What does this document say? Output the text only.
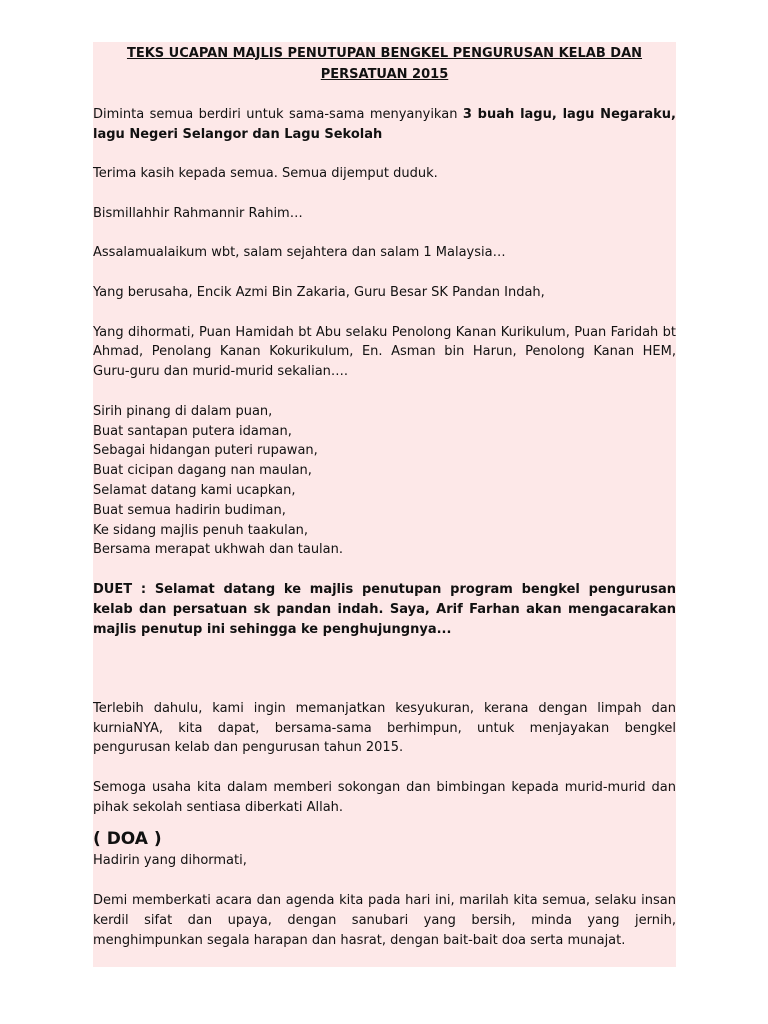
TEKS UCAPAN MAJLIS PENUTUPAN BENGKEL PENGURUSAN KELAB DAN
PERSATUAN 2015

Diminta semua berdiri untuk sama-sama menyanyikan 3 buah lagu, lagu Negaraku, lagu Negeri Selangor dan Lagu Sekolah

Terima kasih kepada semua. Semua dijemput duduk.

Bismillahhir Rahmannir Rahim…

Assalamualaikum wbt, salam sejahtera dan salam 1 Malaysia…

Yang berusaha, Encik Azmi Bin Zakaria, Guru Besar SK Pandan Indah,

Yang dihormati, Puan Hamidah bt Abu selaku Penolong Kanan Kurikulum, Puan Faridah bt Ahmad, Penolang Kanan Kokurikulum, En. Asman bin Harun, Penolong Kanan HEM,   Guru-guru dan murid-murid sekalian….

Sirih pinang di dalam puan,

Buat santapan putera idaman,

Sebagai hidangan puteri rupawan,

Buat cicipan dagang nan maulan,

Selamat datang kami ucapkan,

Buat semua hadirin budiman,

Ke sidang majlis penuh taakulan,

Bersama merapat ukhwah dan taulan.

DUET : Selamat datang ke majlis penutupan program bengkel pengurusan kelab dan persatuan sk pandan indah. Saya, Arif Farhan akan mengacarakan majlis penutup ini sehingga ke penghujungnya...

Terlebih dahulu, kami ingin memanjatkan kesyukuran, kerana dengan limpah dan kurniaNYA, kita dapat, bersama-sama berhimpun, untuk menjayakan bengkel pengurusan kelab dan pengurusan tahun 2015.

Semoga usaha kita dalam memberi sokongan dan bimbingan kepada murid-murid dan pihak sekolah sentiasa diberkati Allah.

( DOA )

Hadirin yang dihormati,

Demi memberkati acara dan agenda kita pada hari ini, marilah kita semua, selaku insan kerdil sifat dan upaya, dengan sanubari yang bersih, minda yang jernih, menghimpunkan segala harapan dan hasrat, dengan bait-bait doa serta munajat.
